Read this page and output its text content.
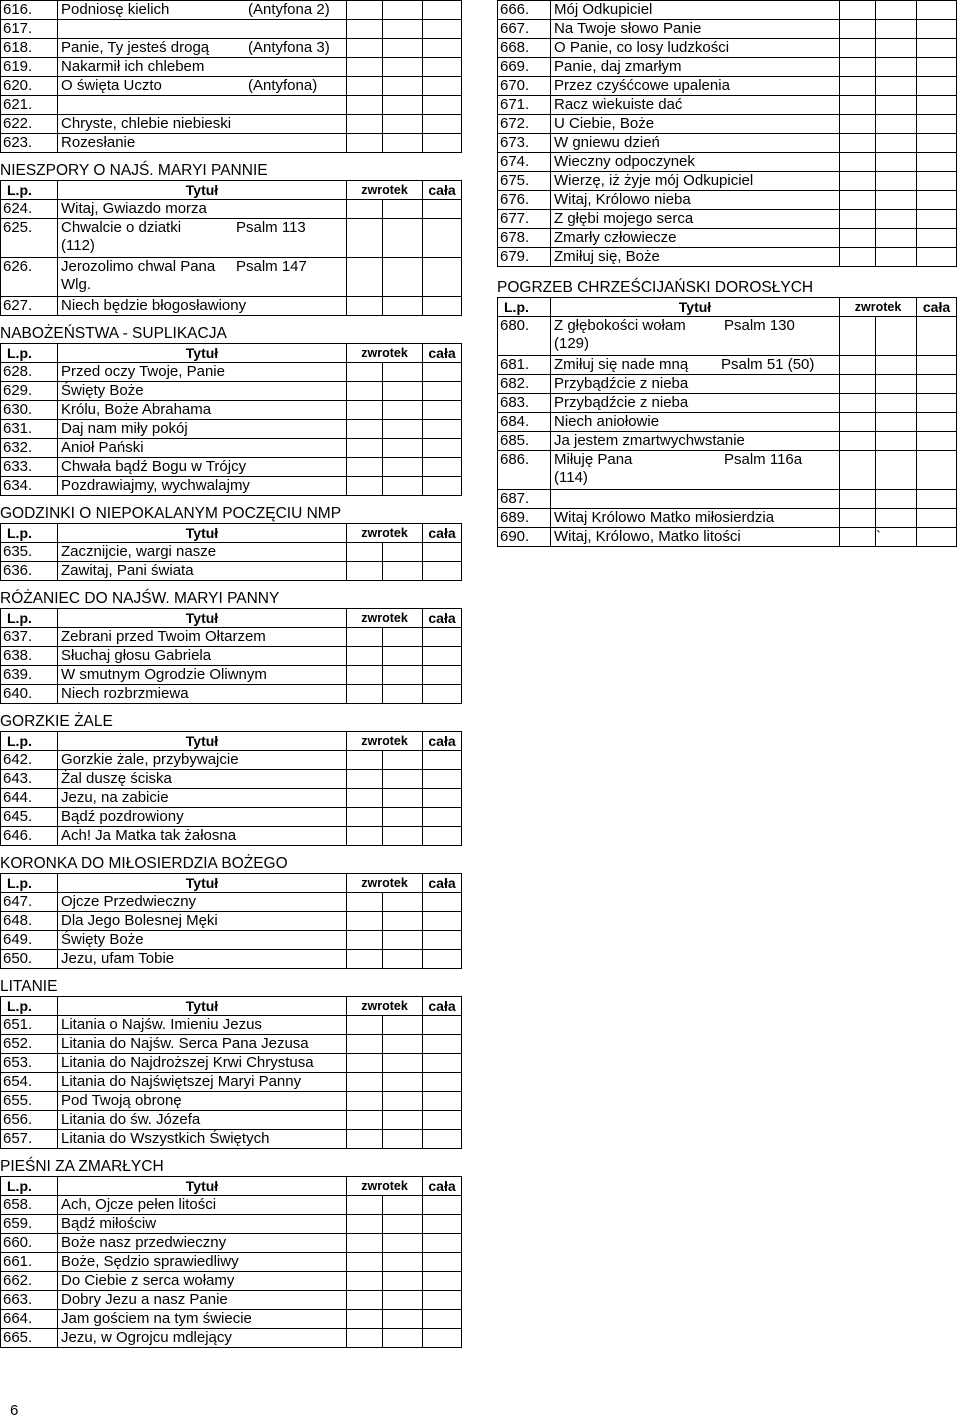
616.	Podniosę kielich (Antyfona 2)			

617.				
618.	Panie, Ty jesteś drogą (Antyfona 3)			

619.	Nakarmił ich chlebem			
620.	O święta Uczto (Antyfona)			

621.				
622.	Chryste, chlebie niebieski			
623.	Rozesłanie			
NIESZPORY O NAJŚ. MARYI PANNIE
L.p.	Tytuł	zwrotek		cała
624.	Witaj, Gwiazdo morza			
625.	Chwalcie o dziatki Psalm 113
(112)			

626.	Jerozolimo chwal Pana Psalm 147
Wlg.			

627.	Niech będzie błogosławiony			
NABOŻEŃSTWA - SUPLIKACJA
L.p.	Tytuł	zwrotek		cała
628.	Przed oczy Twoje, Panie			
629.	Święty Boże			
630.	Królu, Boże Abrahama			
631.	Daj nam miły pokój			
632.	Anioł Pański			
633.	Chwała bądź Bogu w Trójcy			
634.	Pozdrawiajmy, wychwalajmy			
GODZINKI O NIEPOKALANYM POCZĘCIU NMP
L.p.	Tytuł	zwrotek		cała
635.	Zacznijcie, wargi nasze			
636.	Zawitaj, Pani świata			
RÓŻANIEC DO NAJŚW. MARYI PANNY
L.p.	Tytuł	zwrotek		cała
637.	Zebrani przed Twoim Ołtarzem			
638.	Słuchaj głosu Gabriela			
639.	W smutnym Ogrodzie Oliwnym			
640.	Niech rozbrzmiewa			
GORZKIE ŻALE
L.p.	Tytuł	zwrotek		cała
642.	Gorzkie żale, przybywajcie			
643.	Żal duszę ściska			
644.	Jezu, na zabicie			
645.	Bądź pozdrowiony			
646.	Ach! Ja Matka tak żałosna			
KORONKA DO MIŁOSIERDZIA BOŻEGO
L.p.	Tytuł	zwrotek		cała
647.	Ojcze Przedwieczny			
648.	Dla Jego Bolesnej Męki			
649.	Święty Boże			
650.	Jezu, ufam Tobie			
LITANIE
L.p.	Tytuł	zwrotek		cała
651.	Litania o Najśw. Imieniu Jezus			
652.	Litania do Najśw. Serca Pana Jezusa			
653.	Litania do Najdroższej Krwi Chrystusa			
654.	Litania do Najświętszej Maryi Panny			
655.	Pod Twoją obronę			
656.	Litania do św. Józefa			
657.	Litania do Wszystkich Świętych			
PIEŚNI ZA ZMARŁYCH
L.p.	Tytuł	zwrotek		cała
658.	Ach, Ojcze pełen litości			
659.	Bądź miłościw			
660.	Boże nasz przedwieczny			
661.	Boże, Sędzio sprawiedliwy			
662.	Do Ciebie z serca wołamy			
663.	Dobry Jezu a nasz Panie			
664.	Jam gościem na tym świecie			
665.	Jezu, w Ogrojcu mdlejący			
666.	Mój Odkupiciel			
667.	Na Twoje słowo Panie			
668.	O Panie, co losy ludzkości			
669.	Panie, daj zmarłym			
670.	Przez czyśćcowe upalenia			
671.	Racz wiekuiste dać			
672.	U Ciebie, Boże			
673.	W gniewu dzień			
674.	Wieczny odpoczynek			
675.	Wierzę, iż żyje mój Odkupiciel			
676.	Witaj, Królowo nieba			
677.	Z głębi mojego serca			
678.	Zmarły człowiecze			
679.	Zmiłuj się, Boże			
POGRZEB CHRZEŚCIJAŃSKI DOROSŁYCH
L.p.	Tytuł	zwrotek		cała
680.	Z głębokości wołam Psalm 130
(129)			

681.	Zmiłuj się nade mną Psalm 51 (50)			

682.	Przybądźcie z nieba			
683.	Przybądźcie z nieba			
684.	Niech aniołowie			
685.	Ja jestem zmartwychwstanie			
686.	Miłuję Pana Psalm 116a
(114)			

687.				
689.	Witaj Królowo Matko miłosierdzia			
690.	Witaj, Królowo, Matko litości `			

6
